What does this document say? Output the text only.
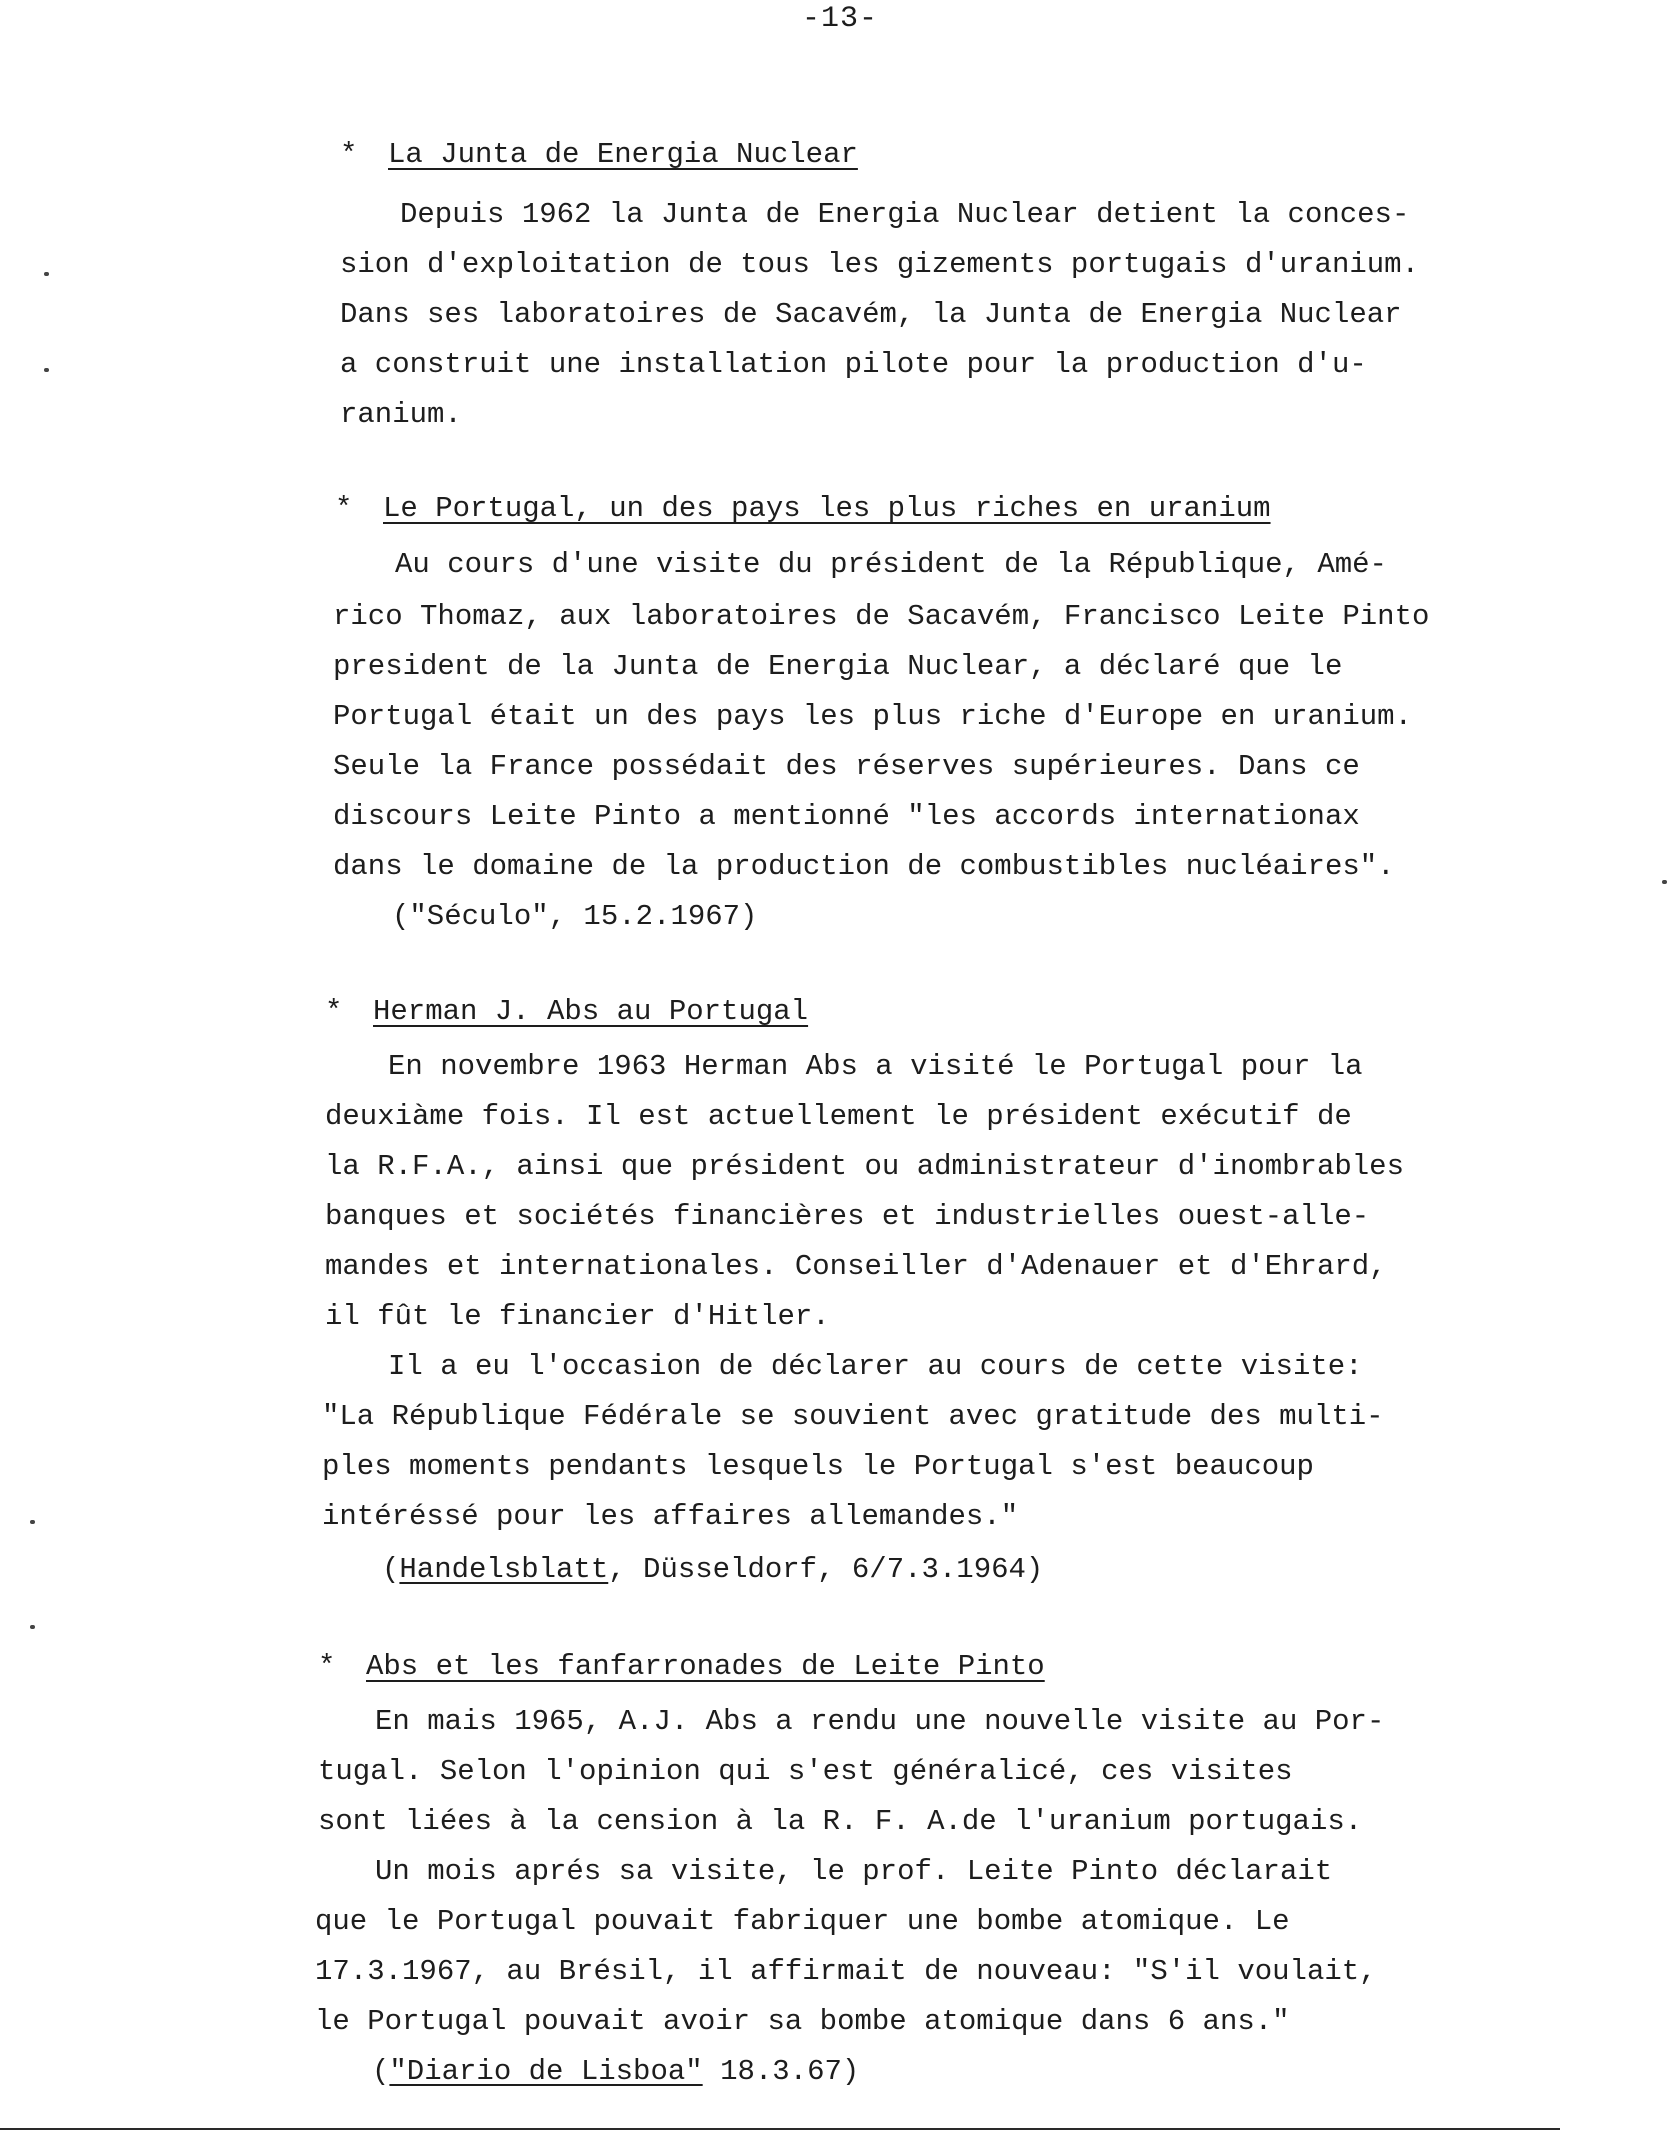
-13-
* La Junta de Energia Nuclear
Depuis 1962 la Junta de Energia Nuclear detient la conces-
sion d'exploitation de tous les gizements portugais d'uranium.
Dans ses laboratoires de Sacavém, la Junta de Energia Nuclear
a construit une installation pilote pour la production d'u-
ranium.
* Le Portugal, un des pays les plus riches en uranium
Au cours d'une visite du président de la République, Amé-
rico Thomaz, aux laboratoires de Sacavém, Francisco Leite Pinto
president de la Junta de Energia Nuclear, a déclaré que le
Portugal était un des pays les plus riche d'Europe en uranium.
Seule la France possédait des réserves supérieures. Dans ce
discours Leite Pinto a mentionné "les accords internationax
dans le domaine de la production de combustibles nucléaires".
("Século", 15.2.1967)
* Herman J. Abs au Portugal
En novembre 1963 Herman Abs a visité le Portugal pour la
deuxiàme fois. Il est actuellement le président exécutif de
la R.F.A., ainsi que président ou administrateur d'inombrables
banques et sociétés financières et industrielles ouest-alle-
mandes et internationales. Conseiller d'Adenauer et d'Ehrard,
il fût le financier d'Hitler.
Il a eu l'occasion de déclarer au cours de cette visite:
"La République Fédérale se souvient avec gratitude des multi-
ples moments pendants lesquels le Portugal s'est beaucoup
intéréssé pour les affaires allemandes."
(Handelsblatt, Düsseldorf, 6/7.3.1964)
* Abs et les fanfarronades de Leite Pinto
En mais 1965, A.J. Abs a rendu une nouvelle visite au Por-
tugal. Selon l'opinion qui s'est généralicé, ces visites
sont liées à la cension à la R. F. A.de l'uranium portugais.
Un mois aprés sa visite, le prof. Leite Pinto déclarait
que le Portugal pouvait fabriquer une bombe atomique. Le
17.3.1967, au Brésil, il affirmait de nouveau: "S'il voulait,
le Portugal pouvait avoir sa bombe atomique dans 6 ans."
("Diario de Lisboa" 18.3.67)
